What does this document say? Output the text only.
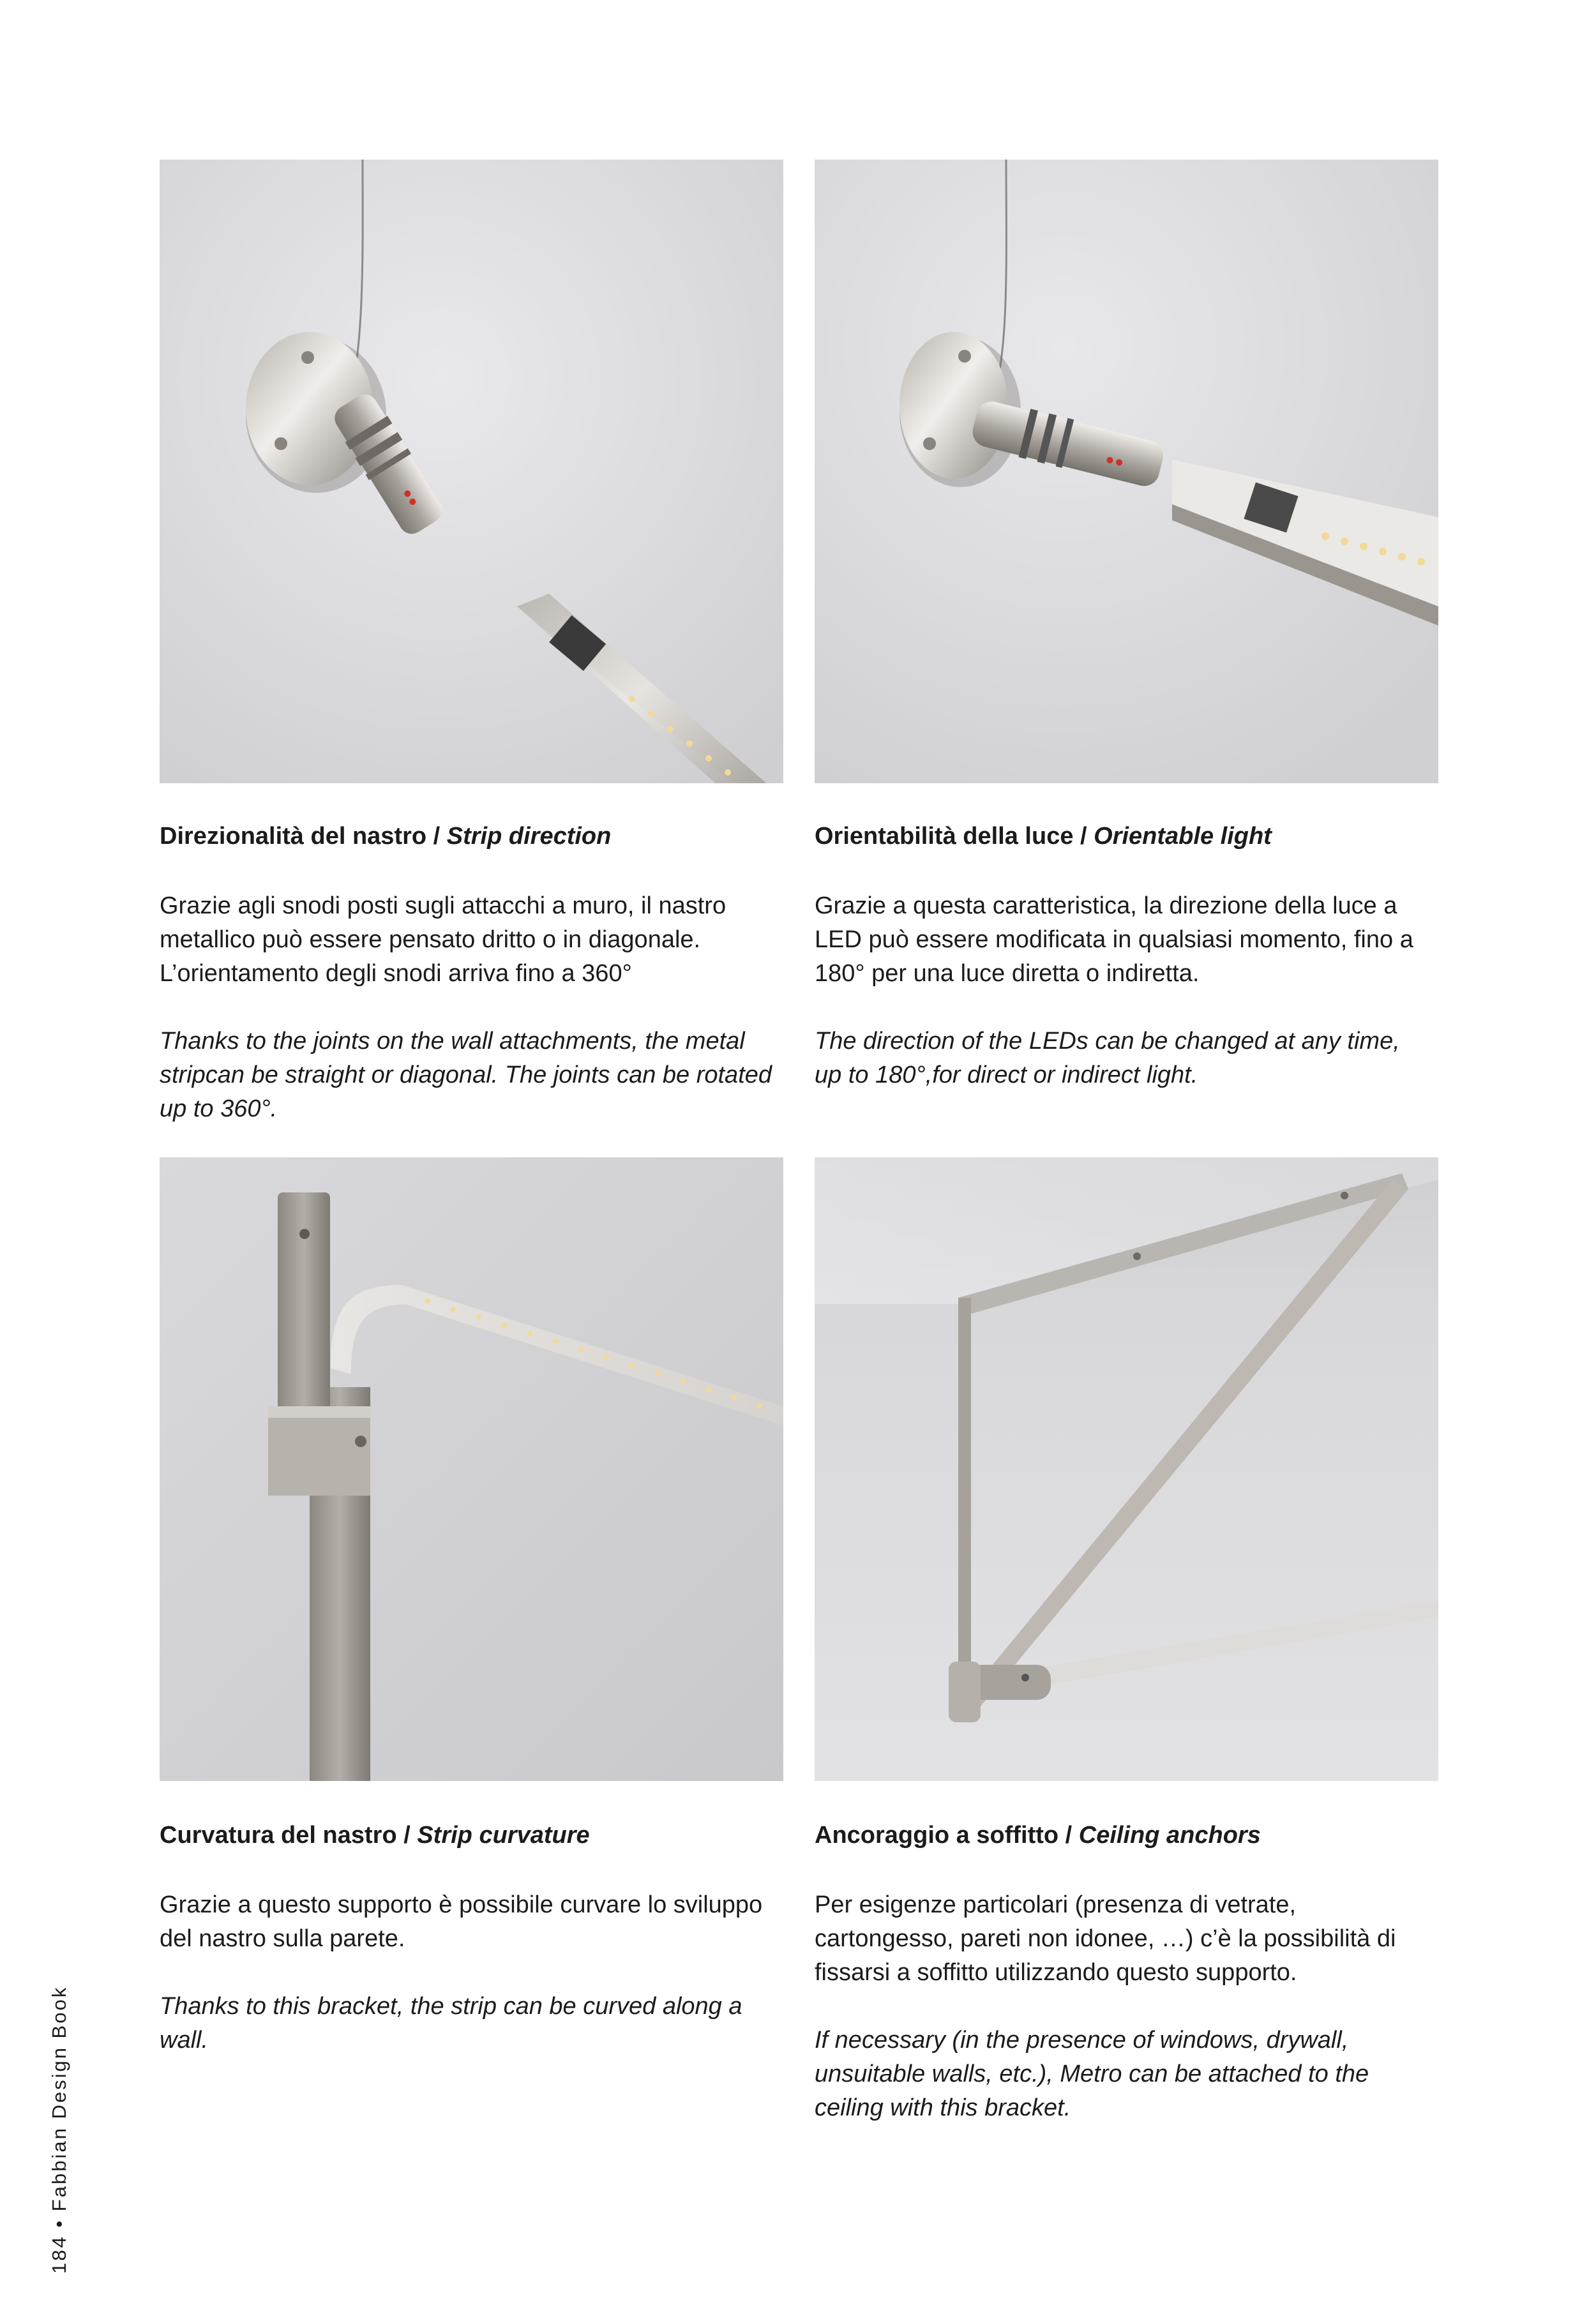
Direzionalità del nastro / Strip direction

Grazie agli snodi posti sugli attacchi a muro, il nastro metallico può essere pensato dritto o in diagonale. L’orientamento degli snodi arriva fino a 360°

Thanks to the joints on the wall attachments, the metal stripcan be straight or diagonal. The joints can be rotated up to 360°.

Orientabilità della luce / Orientable light

Grazie a questa caratteristica, la direzione della luce a LED può essere modificata in qualsiasi momento, fino a 180° per una luce diretta o indiretta.

The direction of the LEDs can be changed at any time, up to 180°,for direct or indirect light.

Curvatura del nastro / Strip curvature

Grazie a questo supporto è possibile curvare lo sviluppo del nastro sulla parete.

Thanks to this bracket, the strip can be curved along a wall.

Ancoraggio a soffitto / Ceiling anchors

Per esigenze particolari (presenza di vetrate, cartongesso, pareti non idonee, …) c’è la possibilità di fissarsi a soffitto utilizzando questo supporto.

If necessary (in the presence of windows, drywall, unsuitable walls, etc.), Metro can be attached to the ceiling with this bracket.

184 • Fabbian Design Book
